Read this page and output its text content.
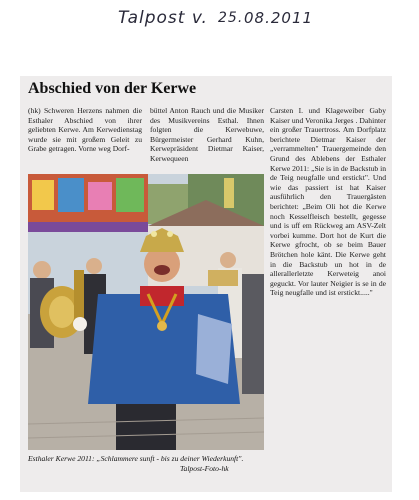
Talpost v. 25. 08.2011
Abschied von der Kerwe
(hk) Schweren Herzens nahmen die Esthaler Abschied von ihrer geliebten Kerwe. Am Kerwedienstag wurde sie mit großem Geleit zu Grabe getragen. Vorne weg Dorf-
büttel Anton Rauch und die Musiker des Musikvereins Esthal. Ihnen folgten die Kerwebuwe, Bürgermeister Gerhard Kuhn, Kerwepräsident Dietmar Kaiser, Kerwequeen
Carsten I. und Klageweiber Gaby Kaiser und Veronika Jerges . Dahinter ein großer Trauertross. Am Dorfplatz berichtete Dietmar Kaiser der „verrammelten" Trauergemeinde den Grund des Ablebens der Esthaler Kerwe 2011: „Sie is in de Backstub in de Teig neugfalle und erstickt". Und wie das passiert ist hat Kaiser ausführlich den Trauergästen berichtet: „Beim Oli hot die Kerwe noch Kesselfleisch bestellt, gegesse und is uff em Rückweg am ASV-Zelt vorbei kumme. Dort hot de Kurt die Kerwe gfrocht, ob se beim Bauer Brötchen hole känt. Die Kerwe geht in die Backstub un hot in de allerallerletzte Kerweteig anoi geguckt. Vor lauter Neigier is se in de Teig neugfalle und ist erstickt....."
Esthaler Kerwe 2011: „Schlammere sunft - bis zu deiner Wiederkunft".
Talpost-Foto-hk
